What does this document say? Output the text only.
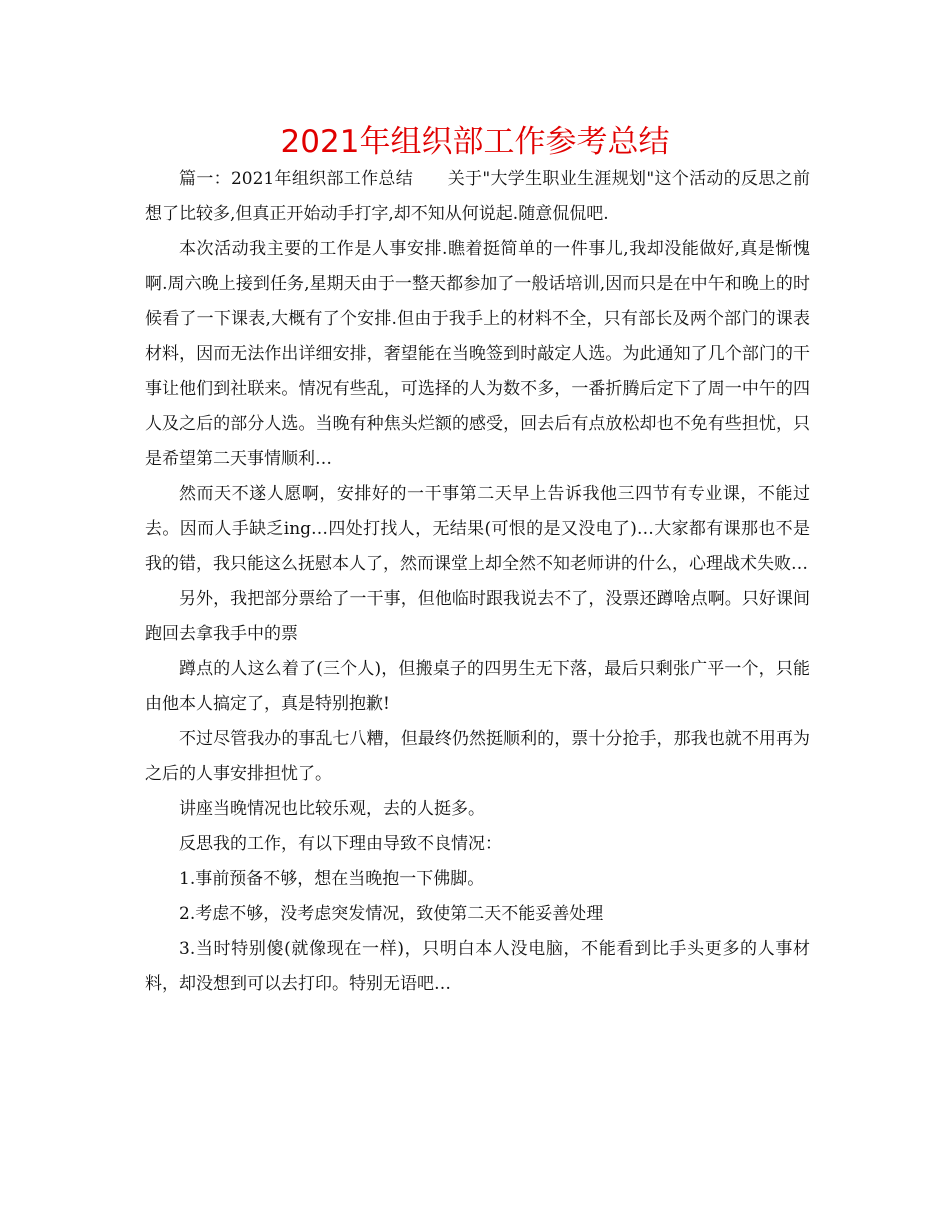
2021年组织部工作参考总结

篇一：2021年组织部工作总结　　关于"大学生职业生涯规划"这个活动的反思之前想了比较多,但真正开始动手打字,却不知从何说起.随意侃侃吧.

本次活动我主要的工作是人事安排.瞧着挺简单的一件事儿,我却没能做好,真是惭愧啊.周六晚上接到任务,星期天由于一整天都参加了一般话培训,因而只是在中午和晚上的时候看了一下课表,大概有了个安排.但由于我手上的材料不全，只有部长及两个部门的课表材料，因而无法作出详细安排，奢望能在当晚签到时敲定人选。为此通知了几个部门的干事让他们到社联来。情况有些乱，可选择的人为数不多，一番折腾后定下了周一中午的四人及之后的部分人选。当晚有种焦头烂额的感受，回去后有点放松却也不免有些担忧，只是希望第二天事情顺利…

然而天不遂人愿啊，安排好的一干事第二天早上告诉我他三四节有专业课，不能过去。因而人手缺乏ing…四处打找人，无结果(可恨的是又没电了)…大家都有课那也不是我的错，我只能这么抚慰本人了，然而课堂上却全然不知老师讲的什么，心理战术失败…

另外，我把部分票给了一干事，但他临时跟我说去不了，没票还蹲啥点啊。只好课间跑回去拿我手中的票

蹲点的人这么着了(三个人)，但搬桌子的四男生无下落，最后只剩张广平一个，只能由他本人搞定了，真是特别抱歉!

不过尽管我办的事乱七八糟，但最终仍然挺顺利的，票十分抢手，那我也就不用再为之后的人事安排担忧了。

讲座当晚情况也比较乐观，去的人挺多。

反思我的工作，有以下理由导致不良情况：

1.事前预备不够，想在当晚抱一下佛脚。

2.考虑不够，没考虑突发情况，致使第二天不能妥善处理

3.当时特别傻(就像现在一样)，只明白本人没电脑，不能看到比手头更多的人事材料，却没想到可以去打印。特别无语吧…
